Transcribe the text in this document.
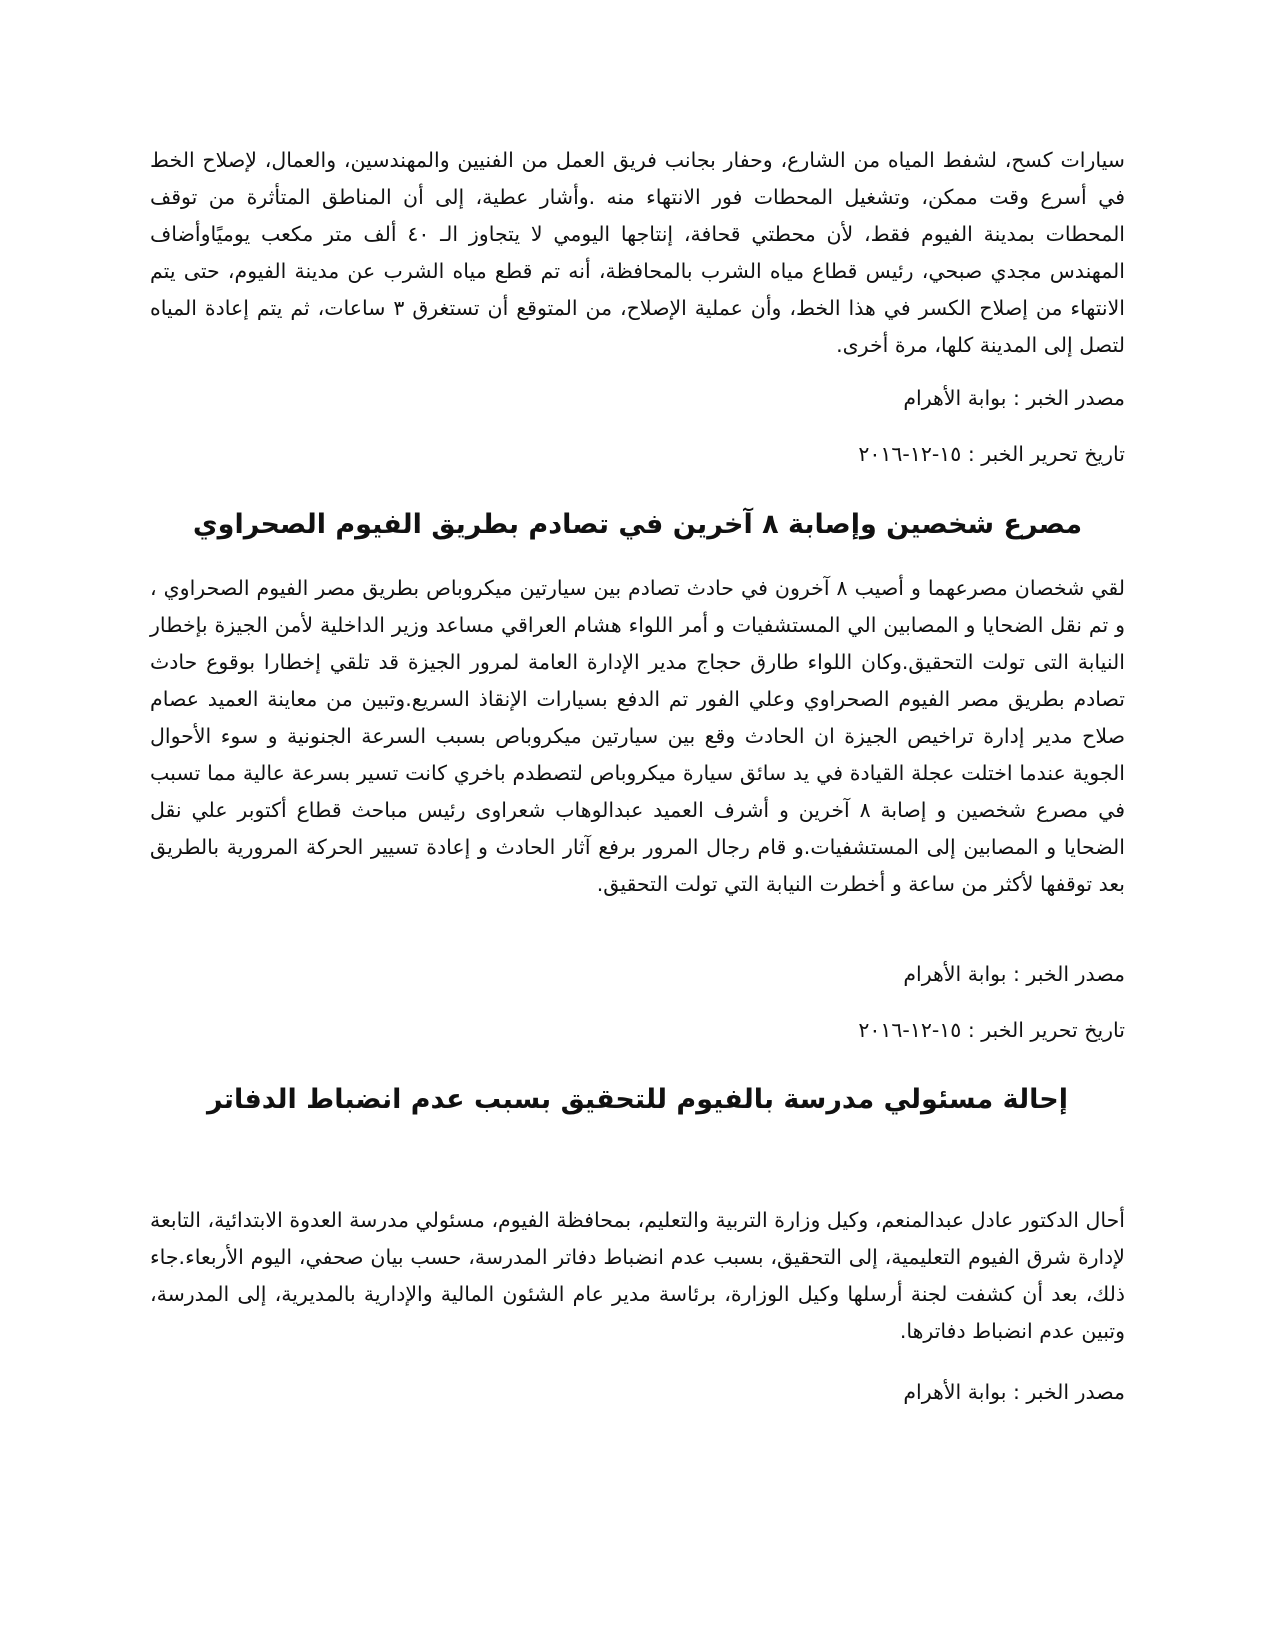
سيارات كسح، لشفط المياه من الشارع، وحفار بجانب فريق العمل من الفنيين والمهندسين، والعمال، لإصلاح الخط في أسرع وقت ممكن، وتشغيل المحطات فور الانتهاء منه .وأشار عطية، إلى أن المناطق المتأثرة من توقف المحطات بمدينة الفيوم فقط، لأن محطتي قحافة، إنتاجها اليومي لا يتجاوز الـ ٤٠ ألف متر مكعب يوميًاوأضاف المهندس مجدي صبحي، رئيس قطاع مياه الشرب بالمحافظة، أنه تم قطع مياه الشرب عن مدينة الفيوم، حتى يتم الانتهاء من إصلاح الكسر في هذا الخط، وأن عملية الإصلاح، من المتوقع أن تستغرق ٣ ساعات، ثم يتم إعادة المياه لتصل إلى المدينة كلها، مرة أخرى.

مصدر الخبر : بوابة الأهرام
تاريخ تحرير الخبر : ١٥-١٢-٢٠١٦
مصرع شخصين وإصابة ٨ آخرين في تصادم بطريق الفيوم الصحراوي

لقي شخصان مصرعهما و أصيب ٨ آخرون في حادث تصادم بين سيارتين ميكروباص بطريق مصر الفيوم الصحراوي ، و تم نقل الضحايا و المصابين الي المستشفيات و أمر اللواء هشام العراقي مساعد وزير الداخلية لأمن الجيزة بإخطار النيابة التى تولت التحقيق.وكان اللواء طارق حجاج مدير الإدارة العامة لمرور الجيزة قد تلقي إخطارا بوقوع حادث تصادم بطريق مصر الفيوم الصحراوي وعلي الفور تم الدفع بسيارات الإنقاذ السريع.وتبين من معاينة العميد عصام صلاح مدير إدارة تراخيص الجيزة ان الحادث وقع بين سيارتين ميكروباص بسبب السرعة الجنونية و سوء الأحوال الجوية عندما اختلت عجلة القيادة في يد سائق سيارة ميكروباص لتصطدم باخري كانت تسير بسرعة عالية مما تسبب في مصرع شخصين و إصابة ٨ آخرين و أشرف العميد عبدالوهاب شعراوى رئيس مباحث قطاع أكتوبر علي نقل الضحايا و المصابين إلى المستشفيات.و قام رجال المرور برفع آثار الحادث و إعادة تسيير الحركة المرورية بالطريق بعد توقفها لأكثر من ساعة و أخطرت النيابة التي تولت التحقيق.

مصدر الخبر : بوابة الأهرام
تاريخ تحرير الخبر : ١٥-١٢-٢٠١٦
إحالة مسئولي مدرسة بالفيوم للتحقيق بسبب عدم انضباط الدفاتر

أحال الدكتور عادل عبدالمنعم، وكيل وزارة التربية والتعليم، بمحافظة الفيوم، مسئولي مدرسة العدوة الابتدائية، التابعة لإدارة شرق الفيوم التعليمية، إلى التحقيق، بسبب عدم انضباط دفاتر المدرسة، حسب بيان صحفي، اليوم الأربعاء.جاء ذلك، بعد أن كشفت لجنة أرسلها وكيل الوزارة، برئاسة مدير عام الشئون المالية والإدارية بالمديرية، إلى المدرسة، وتبين عدم انضباط دفاترها.

مصدر الخبر : بوابة الأهرام
